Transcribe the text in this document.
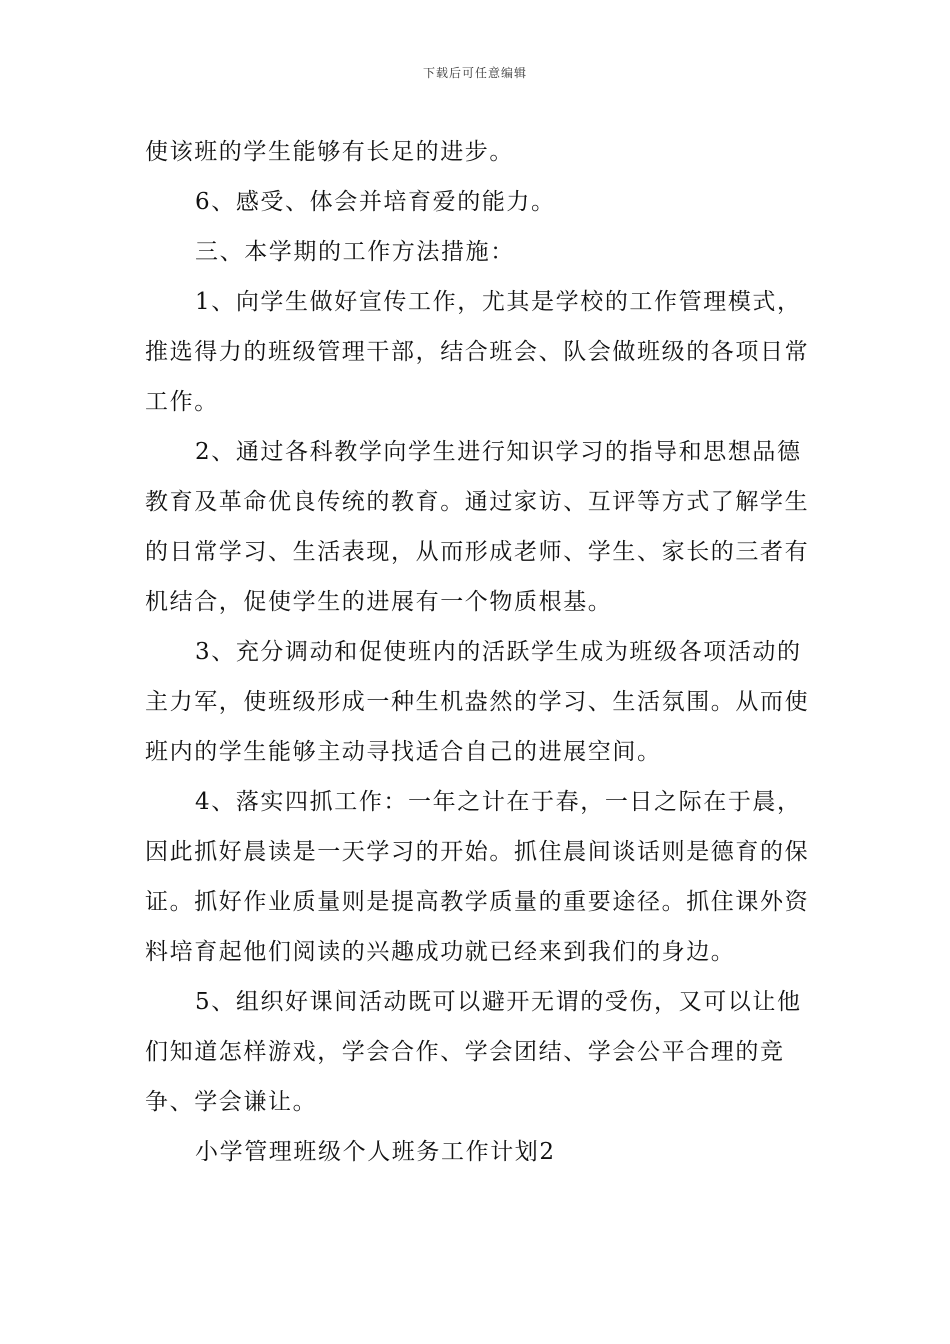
下载后可任意编辑

使该班的学生能够有长足的进步。

6、感受、体会并培育爱的能力。

三、本学期的工作方法措施：

1、向学生做好宣传工作，尤其是学校的工作管理模式，推选得力的班级管理干部，结合班会、队会做班级的各项日常工作。

2、通过各科教学向学生进行知识学习的指导和思想品德教育及革命优良传统的教育。通过家访、互评等方式了解学生的日常学习、生活表现，从而形成老师、学生、家长的三者有机结合，促使学生的进展有一个物质根基。

3、充分调动和促使班内的活跃学生成为班级各项活动的主力军，使班级形成一种生机盎然的学习、生活氛围。从而使班内的学生能够主动寻找适合自己的进展空间。

4、落实四抓工作：一年之计在于春，一日之际在于晨，因此抓好晨读是一天学习的开始。抓住晨间谈话则是德育的保证。抓好作业质量则是提高教学质量的重要途径。抓住课外资料培育起他们阅读的兴趣成功就已经来到我们的身边。

5、组织好课间活动既可以避开无谓的受伤，又可以让他们知道怎样游戏，学会合作、学会团结、学会公平合理的竞争、学会谦让。

小学管理班级个人班务工作计划2
